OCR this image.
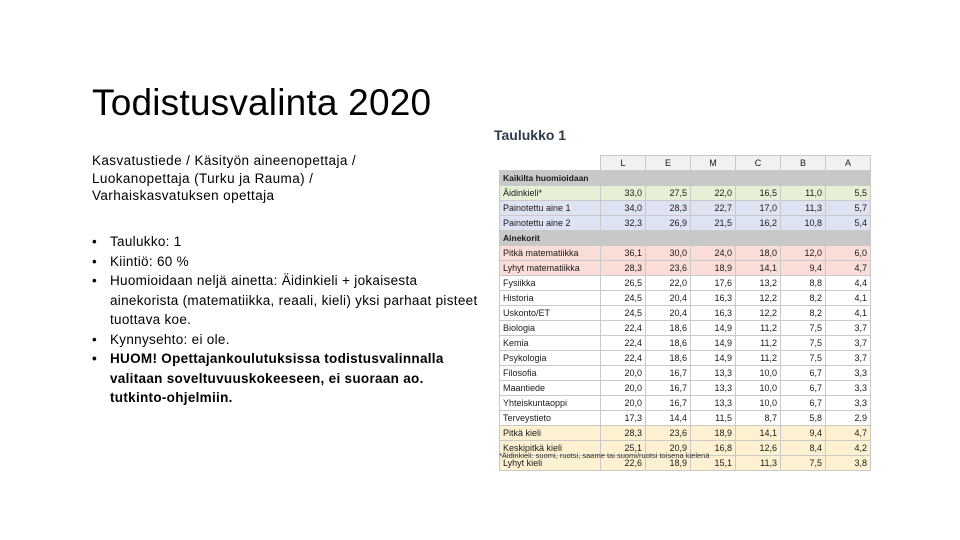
Todistusvalinta 2020
Kasvatustiede / Käsityön aineenopettaja / Luokanopettaja (Turku ja Rauma) / Varhaiskasvatuksen opettaja
• Taulukko: 1
• Kiintiö: 60 %
• Huomioidaan neljä ainetta: Äidinkieli + jokaisesta ainekorista (matematiikka, reaali, kieli) yksi parhaat pisteet tuottava koe.
• Kynnysehto: ei ole.
• HUOM! Opettajankoulutuksissa todistusvalinnalla valitaan soveltuvuuskokeeseen, ei suoraan ao. tutkinto-ohjelmiin.
Taulukko 1
	L	E	M	C	B	A
Kaikilta huomioidaan						
Äidinkieli*	33,0	27,5	22,0	16,5	11,0	5,5
Painotettu aine 1	34,0	28,3	22,7	17,0	11,3	5,7
Painotettu aine 2	32,3	26,9	21,5	16,2	10,8	5,4
Ainekorit						
Pitkä matematiikka	36,1	30,0	24,0	18,0	12,0	6,0
Lyhyt matematiikka	28,3	23,6	18,9	14,1	9,4	4,7
Fysiikka	26,5	22,0	17,6	13,2	8,8	4,4
Historia	24,5	20,4	16,3	12,2	8,2	4,1
Uskonto/ET	24,5	20,4	16,3	12,2	8,2	4,1
Biologia	22,4	18,6	14,9	11,2	7,5	3,7
Kemia	22,4	18,6	14,9	11,2	7,5	3,7
Psykologia	22,4	18,6	14,9	11,2	7,5	3,7
Filosofia	20,0	16,7	13,3	10,0	6,7	3,3
Maantiede	20,0	16,7	13,3	10,0	6,7	3,3
Yhteiskuntaoppi	20,0	16,7	13,3	10,0	6,7	3,3
Terveystieto	17,3	14,4	11,5	8,7	5,8	2,9
Pitkä kieli	28,3	23,6	18,9	14,1	9,4	4,7
Keskipitkä kieli	25,1	20,9	16,8	12,6	8,4	4,2
Lyhyt kieli	22,6	18,9	15,1	11,3	7,5	3,8
*Äidinkieli: suomi, ruotsi, saame tai suomi/ruotsi toisena kielenä
